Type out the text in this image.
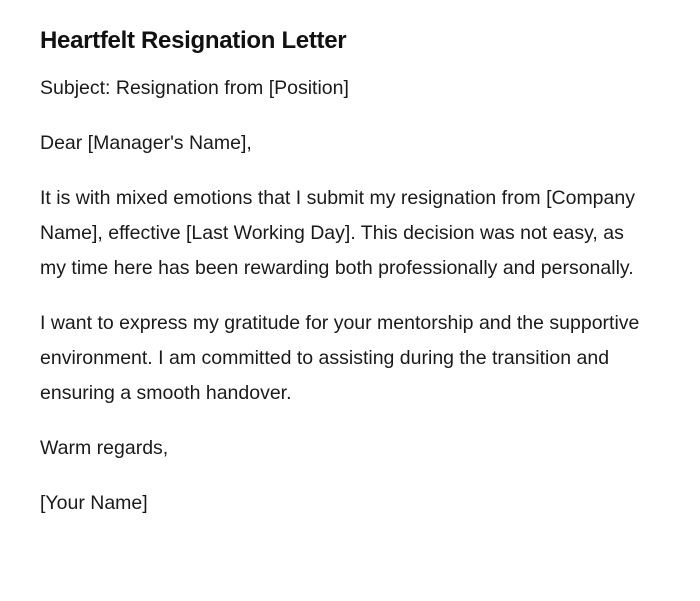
Heartfelt Resignation Letter

Subject: Resignation from [Position]

Dear [Manager's Name],

It is with mixed emotions that I submit my resignation from [Company Name], effective [Last Working Day]. This decision was not easy, as my time here has been rewarding both professionally and personally.

I want to express my gratitude for your mentorship and the supportive environment. I am committed to assisting during the transition and ensuring a smooth handover.

Warm regards,

[Your Name]
